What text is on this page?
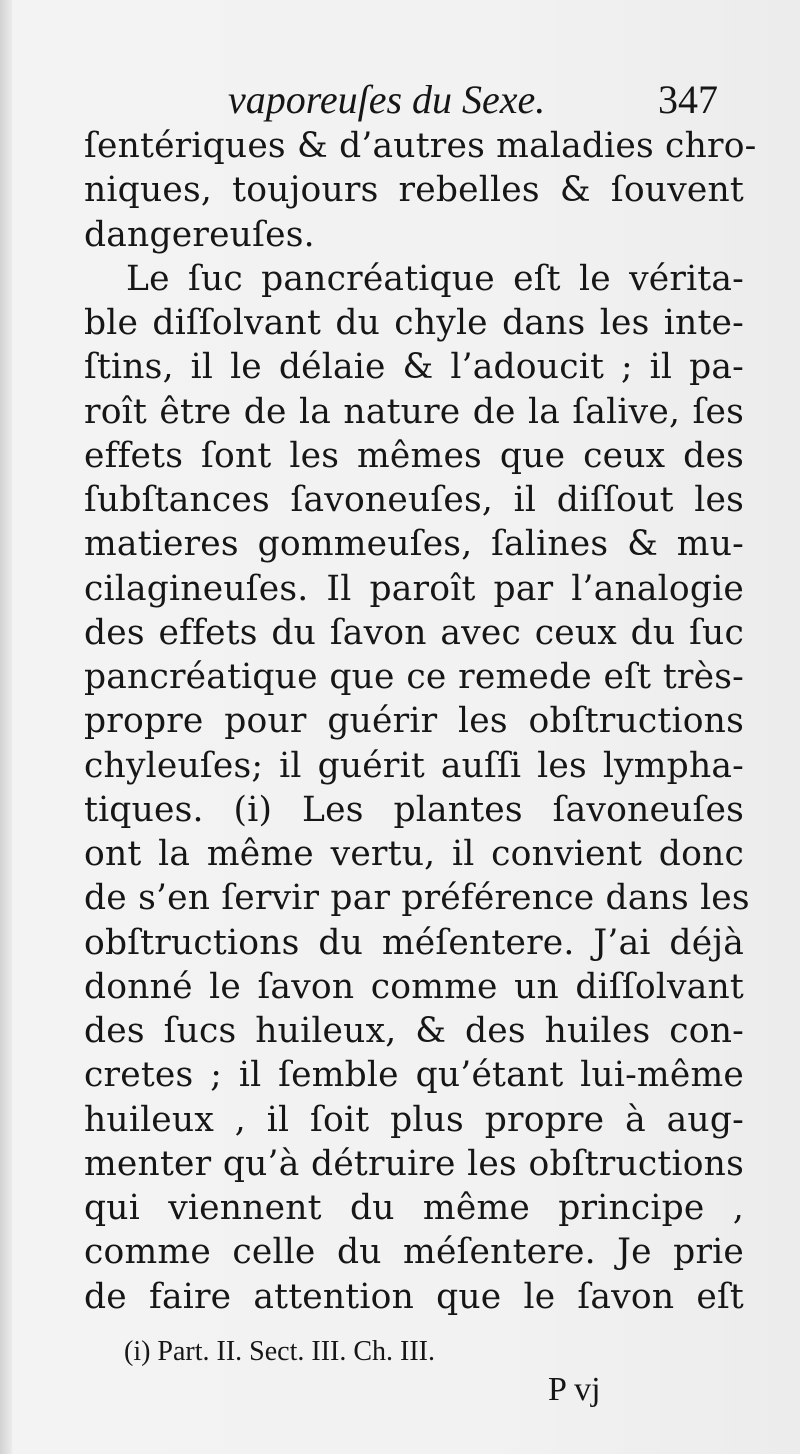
vaporeuſes du Sexe.	347
ſentériques & d’autres maladies chro-
niques, toujours rebelles & ſouvent
dangereuſes.
Le ſuc pancréatique eſt le vérita-
ble diſſolvant du chyle dans les inte-
ſtins, il le délaie & l’adoucit ; il pa-
roît être de la nature de la ſalive, ſes
effets ſont les mêmes que ceux des
ſubſtances ſavoneuſes, il diſſout les
matieres gommeuſes, ſalines & mu-
cilagineuſes. Il paroît par l’analogie
des effets du ſavon avec ceux du ſuc
pancréatique que ce remede eſt très-
propre pour guérir les obſtructions
chyleuſes; il guérit auſſi les lympha-
tiques. (i) Les plantes ſavoneuſes
ont la même vertu, il convient donc
de s’en ſervir par préférence dans les
obſtructions du méſentere. J’ai déjà
donné le ſavon comme un diſſolvant
des ſucs huileux, & des huiles con-
cretes ; il ſemble qu’étant lui-même
huileux , il ſoit plus propre à aug-
menter qu’à détruire les obſtructions
qui viennent du même principe ,
comme celle du méſentere. Je prie
de faire attention que le ſavon eſt
(i) Part. II. Sect. III. Ch. III.
P vj
